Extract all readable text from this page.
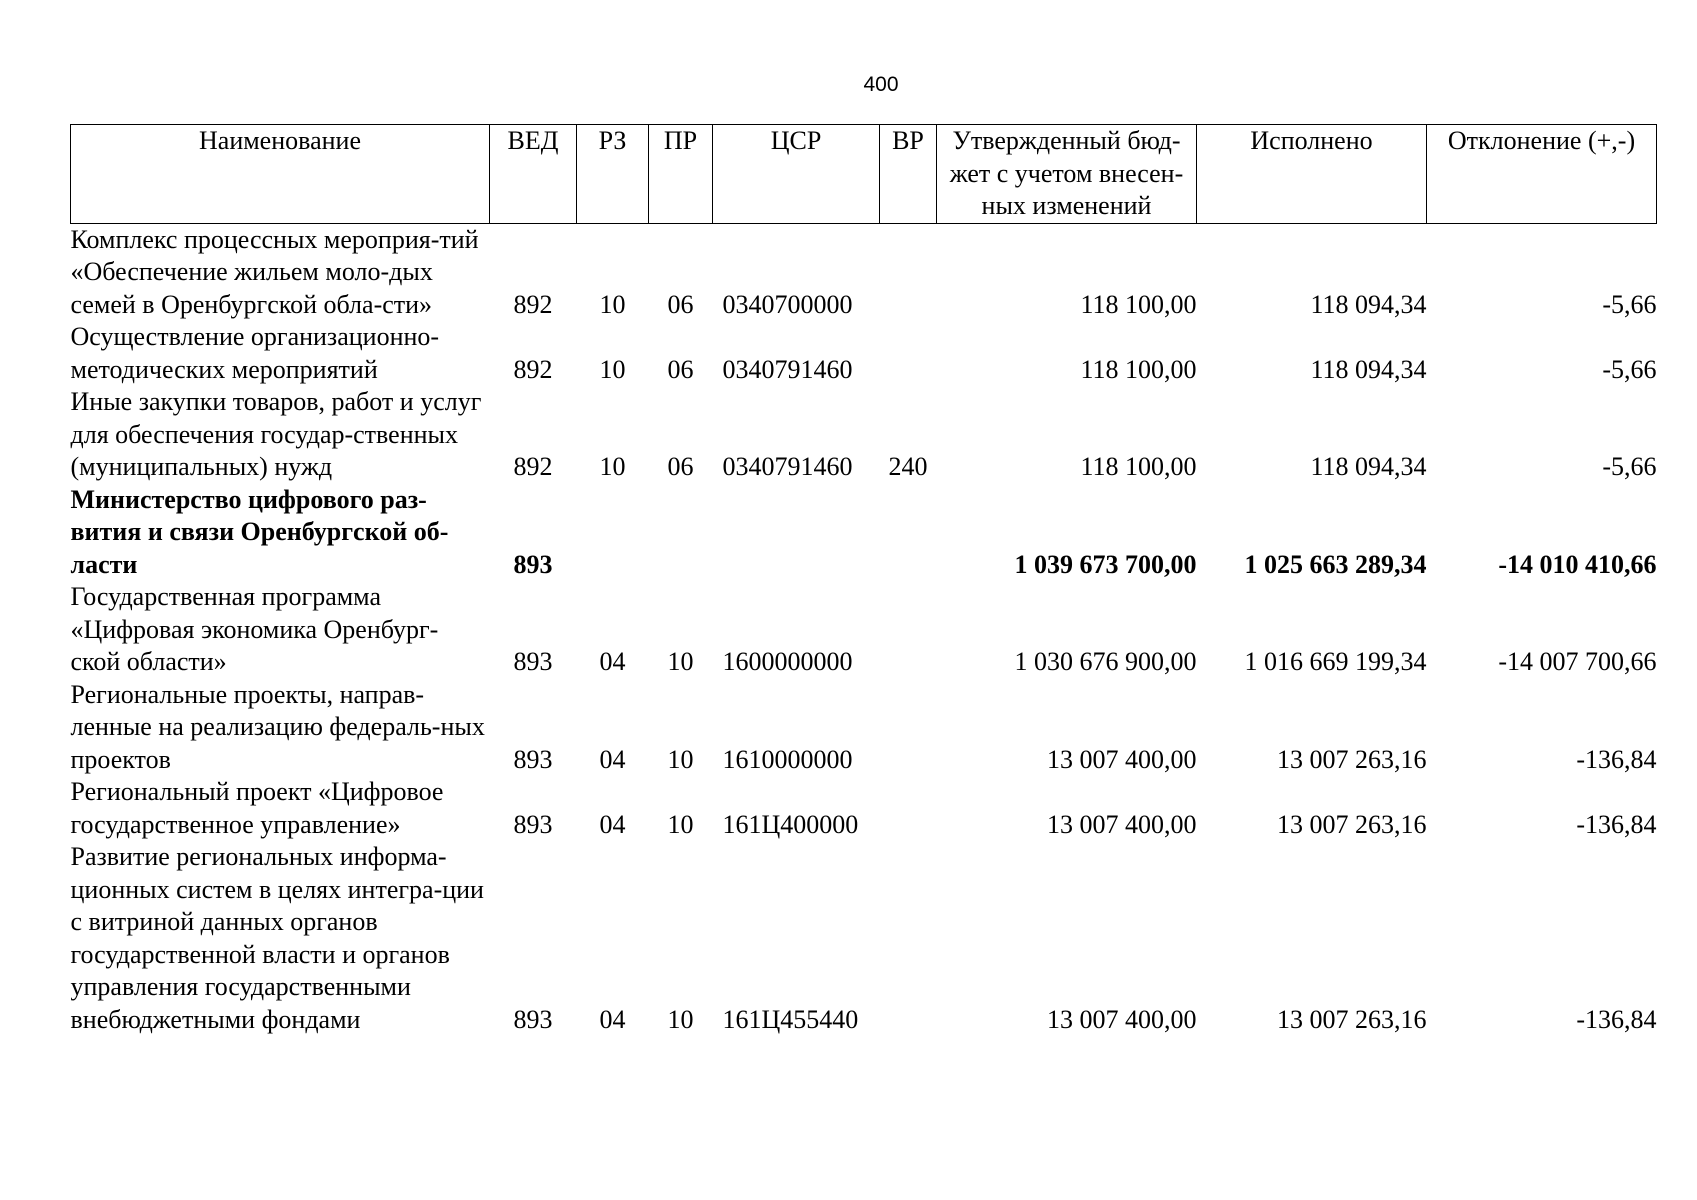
400
Наименование	ВЕД	РЗ	ПР	ЦСР	ВР	Утвержденный бюд-жет с учетом внесен-ных изменений	Исполнено	Отклонение (+,-)
Комплекс процессных мероприя-тий «Обеспечение жильем моло-дых семей в Оренбургской обла-сти»	892	10	06	0340700000		118 100,00	118 094,34	-5,66
Осуществление организационно-методических мероприятий	892	10	06	0340791460		118 100,00	118 094,34	-5,66
Иные закупки товаров, работ и услуг для обеспечения государ-ственных (муниципальных) нужд	892	10	06	0340791460	240	118 100,00	118 094,34	-5,66
Министерство цифрового раз-вития и связи Оренбургской об-ласти	893					1 039 673 700,00	1 025 663 289,34	-14 010 410,66
Государственная программа «Цифровая экономика Оренбург-ской области»	893	04	10	1600000000		1 030 676 900,00	1 016 669 199,34	-14 007 700,66
Региональные проекты, направ-ленные на реализацию федераль-ных проектов	893	04	10	1610000000		13 007 400,00	13 007 263,16	-136,84
Региональный проект «Цифровое государственное управление»	893	04	10	161Ц400000		13 007 400,00	13 007 263,16	-136,84
Развитие региональных информа-ционных систем в целях интегра-ции с витриной данных органов государственной власти и органов управления государственными внебюджетными фондами	893	04	10	161Ц455440		13 007 400,00	13 007 263,16	-136,84
